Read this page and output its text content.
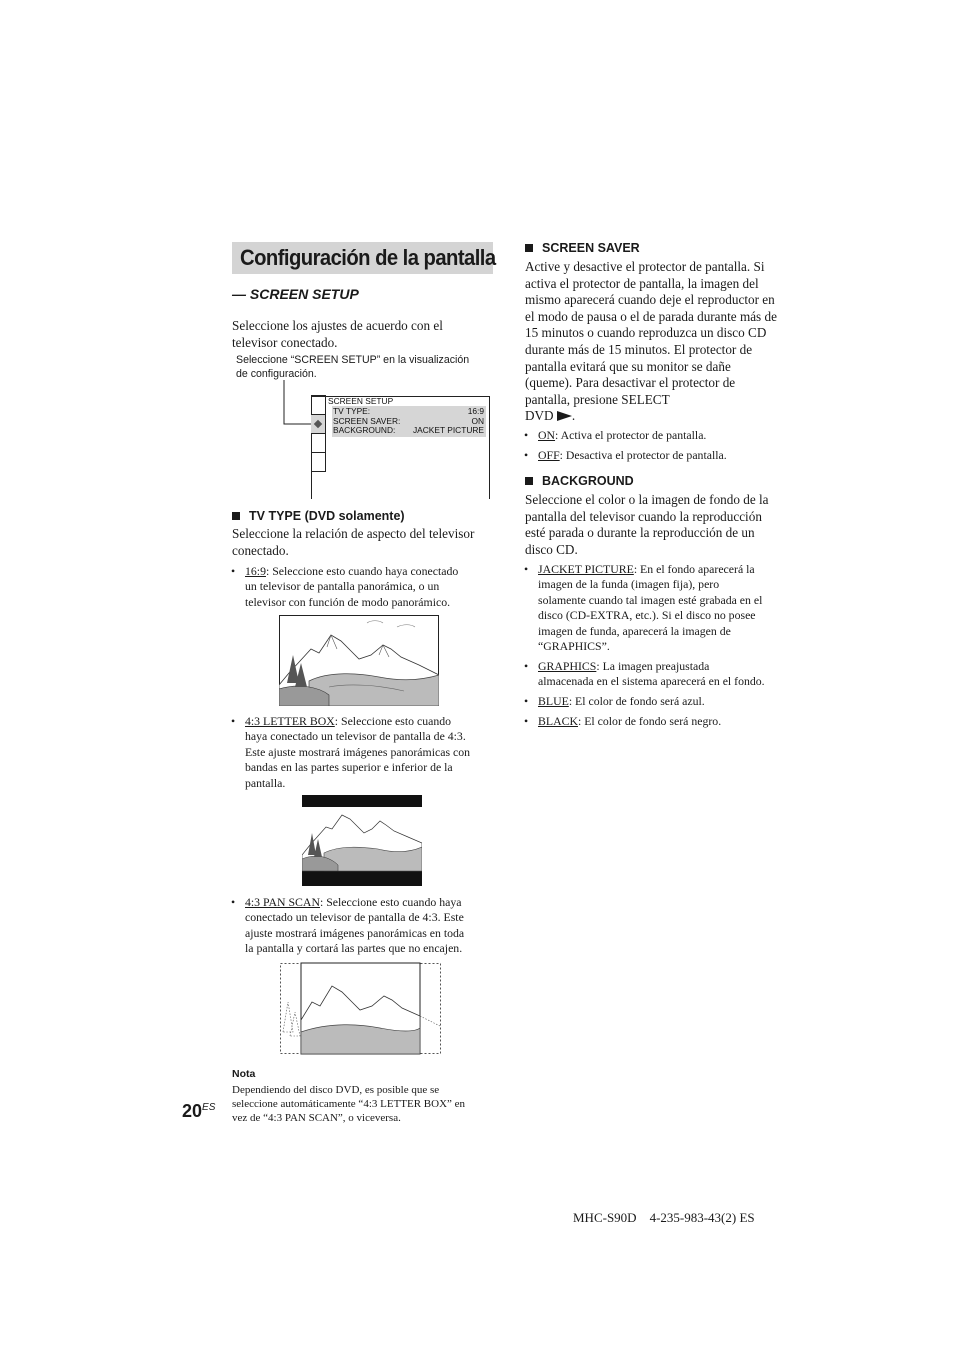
Configuración de la pantalla
— SCREEN SETUP
Seleccione los ajustes de acuerdo con el
televisor conectado.
Seleccione “SCREEN SETUP” en la visualización
de configuración.
SCREEN SETUP
TV TYPE:	16:9
SCREEN SAVER:	ON
BACKGROUND:	JACKET PICTURE
TV TYPE (DVD solamente)
Seleccione la relación de aspecto del televisor
conectado.
• 16:9: Seleccione esto cuando haya conectado
un televisor de pantalla panorámica, o un
televisor con función de modo panorámico.
• 4:3 LETTER BOX: Seleccione esto cuando
haya conectado un televisor de pantalla de 4:3.
Este ajuste mostrará imágenes panorámicas con
bandas en las partes superior e inferior de la
pantalla.
• 4:3 PAN SCAN: Seleccione esto cuando haya
conectado un televisor de pantalla de 4:3. Este
ajuste mostrará imágenes panorámicas en toda
la pantalla y cortará las partes que no encajen.
Nota
Dependiendo del disco DVD, es posible que se
seleccione automáticamente “4:3 LETTER BOX” en
vez de “4:3 PAN SCAN”, o viceversa.
$20^{ES}$
SCREEN SAVER
Active y desactive el protector de pantalla. Si
activa el protector de pantalla, la imagen del
mismo aparecerá cuando deje el reproductor en
el modo de pausa o el de parada durante más de
15 minutos o cuando reproduzca un disco CD
durante más de 15 minutos. El protector de
pantalla evitará que su monitor se dañe
(queme). Para desactivar el protector de
pantalla, presione SELECT
DVD .
• ON: Activa el protector de pantalla.
• OFF: Desactiva el protector de pantalla.
BACKGROUND
Seleccione el color o la imagen de fondo de la
pantalla del televisor cuando la reproducción
esté parada o durante la reproducción de un
disco CD.
• JACKET PICTURE: En el fondo aparecerá la
imagen de la funda (imagen fija), pero
solamente cuando tal imagen esté grabada en el
disco (CD-EXTRA, etc.). Si el disco no posee
imagen de funda, aparecerá la imagen de
“GRAPHICS”.
• GRAPHICS: La imagen preajustada
almacenada en el sistema aparecerá en el fondo.
• BLUE: El color de fondo será azul.
• BLACK: El color de fondo será negro.
MHC-S90D    4-235-983-43(2) ES
